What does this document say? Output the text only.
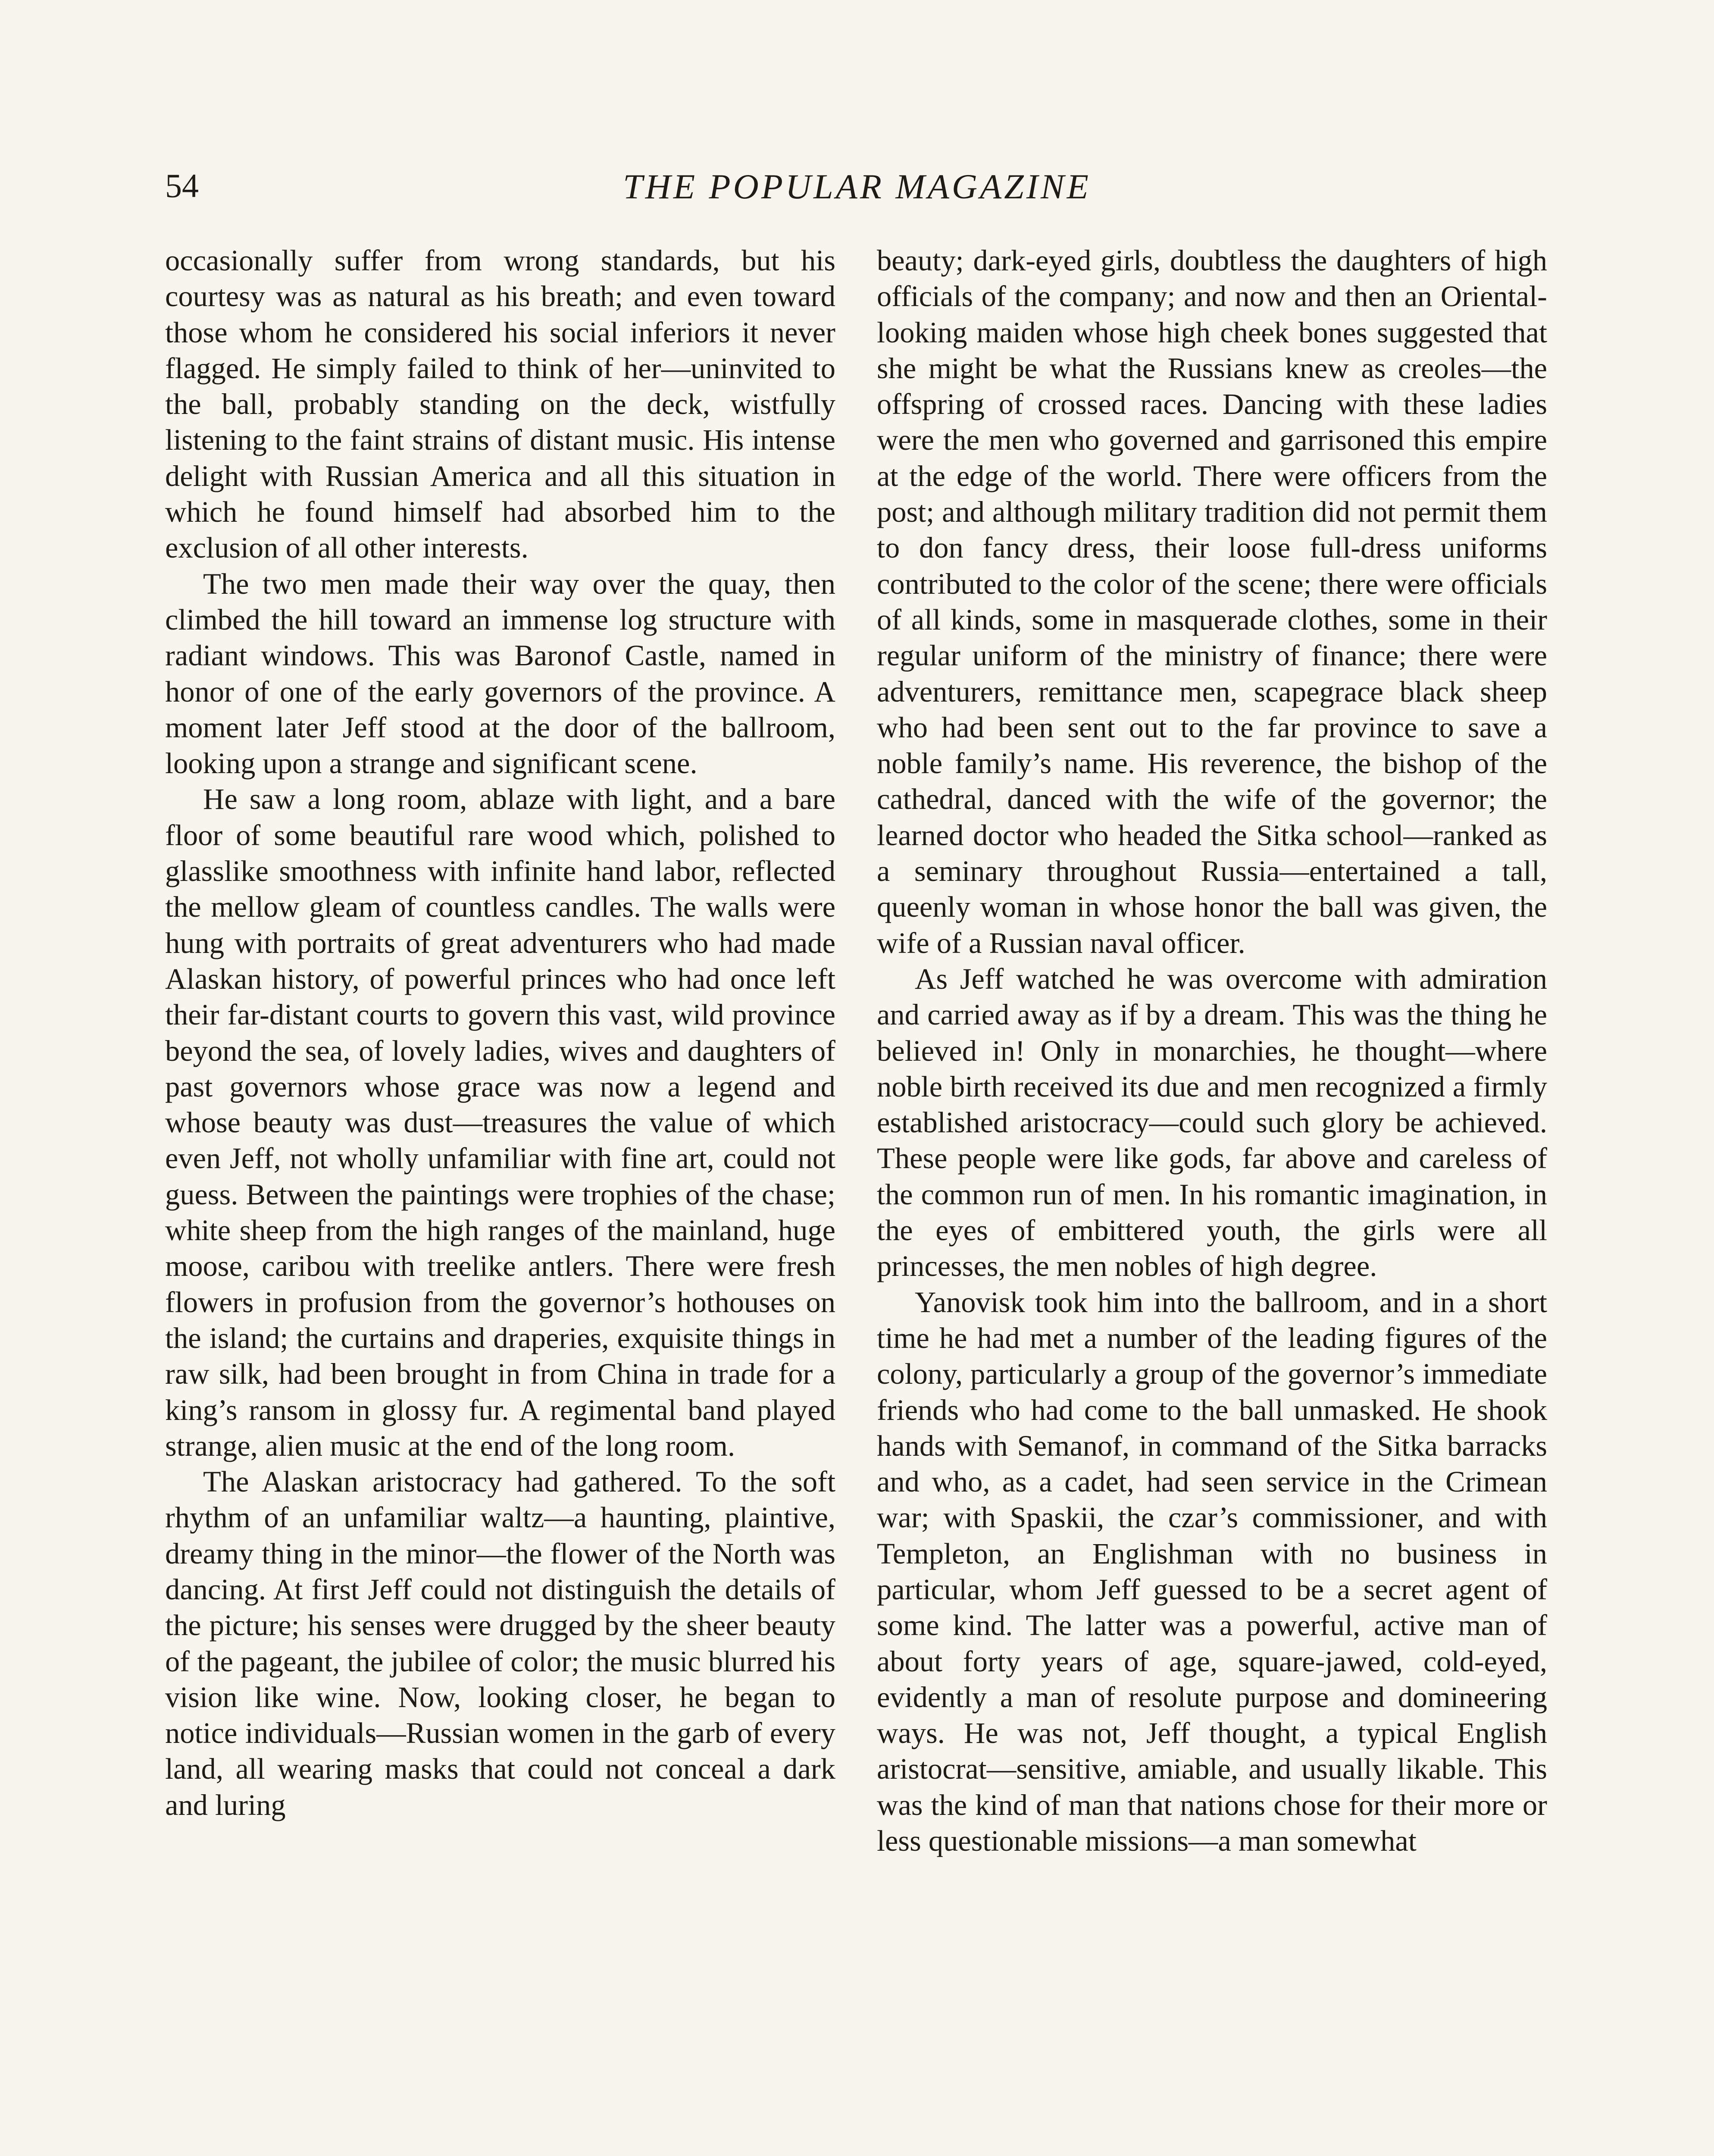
54	THE POPULAR MAGAZINE

occasionally suffer from wrong standards, but his courtesy was as natural as his breath; and even toward those whom he considered his social inferiors it never flagged. He simply failed to think of her—uninvited to the ball, probably standing on the deck, wistfully listening to the faint strains of distant music. His intense delight with Russian America and all this situation in which he found himself had absorbed him to the exclusion of all other interests.

The two men made their way over the quay, then climbed the hill toward an immense log structure with radiant windows. This was Baronof Castle, named in honor of one of the early governors of the province. A moment later Jeff stood at the door of the ballroom, looking upon a strange and significant scene.

He saw a long room, ablaze with light, and a bare floor of some beautiful rare wood which, polished to glasslike smoothness with infinite hand labor, reflected the mellow gleam of countless candles. The walls were hung with portraits of great adventurers who had made Alaskan history, of powerful princes who had once left their far-distant courts to govern this vast, wild province beyond the sea, of lovely ladies, wives and daughters of past governors whose grace was now a legend and whose beauty was dust—treasures the value of which even Jeff, not wholly unfamiliar with fine art, could not guess. Between the paintings were trophies of the chase; white sheep from the high ranges of the mainland, huge moose, caribou with treelike antlers. There were fresh flowers in profusion from the governor’s hothouses on the island; the curtains and draperies, exquisite things in raw silk, had been brought in from China in trade for a king’s ransom in glossy fur. A regimental band played strange, alien music at the end of the long room.

The Alaskan aristocracy had gathered. To the soft rhythm of an unfamiliar waltz—a haunting, plaintive, dreamy thing in the minor—the flower of the North was dancing. At first Jeff could not distinguish the details of the picture; his senses were drugged by the sheer beauty of the pageant, the jubilee of color; the music blurred his vision like wine. Now, looking closer, he began to notice individuals—Russian women in the garb of every land, all wearing masks that could not conceal a dark and luring

beauty; dark-eyed girls, doubtless the daughters of high officials of the company; and now and then an Oriental-looking maiden whose high cheek bones suggested that she might be what the Russians knew as creoles—the offspring of crossed races. Dancing with these ladies were the men who governed and garrisoned this empire at the edge of the world. There were officers from the post; and although military tradition did not permit them to don fancy dress, their loose full-dress uniforms contributed to the color of the scene; there were officials of all kinds, some in masquerade clothes, some in their regular uniform of the ministry of finance; there were adventurers, remittance men, scapegrace black sheep who had been sent out to the far province to save a noble family’s name. His reverence, the bishop of the cathedral, danced with the wife of the governor; the learned doctor who headed the Sitka school—ranked as a seminary throughout Russia—entertained a tall, queenly woman in whose honor the ball was given, the wife of a Russian naval officer.

As Jeff watched he was overcome with admiration and carried away as if by a dream. This was the thing he believed in! Only in monarchies, he thought—where noble birth received its due and men recognized a firmly established aristocracy—could such glory be achieved. These people were like gods, far above and careless of the common run of men. In his romantic imagination, in the eyes of embittered youth, the girls were all princesses, the men nobles of high degree.

Yanovisk took him into the ballroom, and in a short time he had met a number of the leading figures of the colony, particularly a group of the governor’s immediate friends who had come to the ball unmasked. He shook hands with Semanof, in command of the Sitka barracks and who, as a cadet, had seen service in the Crimean war; with Spaskii, the czar’s commissioner, and with Templeton, an Englishman with no business in particular, whom Jeff guessed to be a secret agent of some kind. The latter was a powerful, active man of about forty years of age, square-jawed, cold-eyed, evidently a man of resolute purpose and domineering ways. He was not, Jeff thought, a typical English aristocrat—sensitive, amiable, and usually likable. This was the kind of man that nations chose for their more or less questionable missions—a man somewhat
